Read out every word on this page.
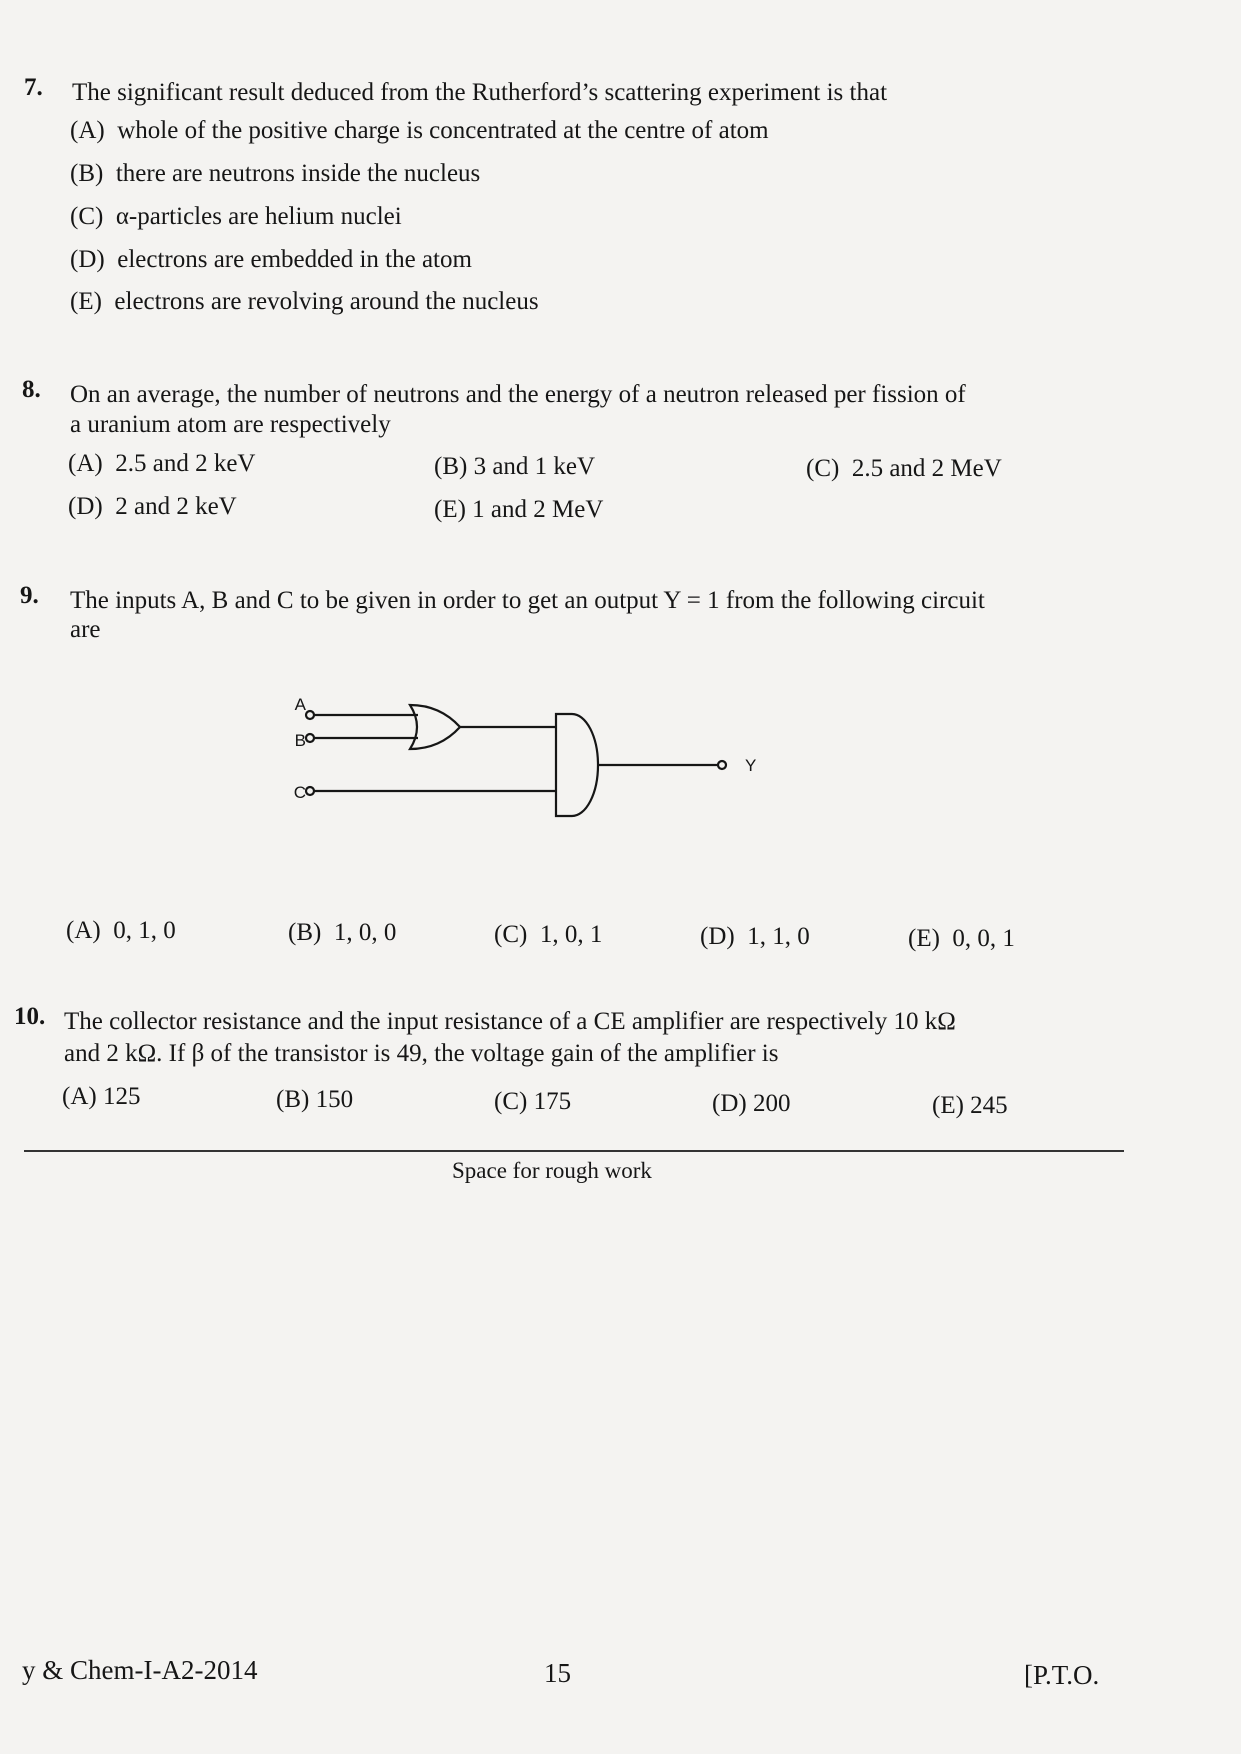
7. The significant result deduced from the Rutherford’s scattering experiment is that
(A) whole of the positive charge is concentrated at the centre of atom
(B) there are neutrons inside the nucleus
(C) α-particles are helium nuclei
(D) electrons are embedded in the atom
(E) electrons are revolving around the nucleus
8. On an average, the number of neutrons and the energy of a neutron released per fission of
a uranium atom are respectively
(A) 2.5 and 2 keV	(B) 3 and 1 keV	(C) 2.5 and 2 MeV
(D) 2 and 2 keV	(E) 1 and 2 MeV
9. The inputs A, B and C to be given in order to get an output Y = 1 from the following circuit
are
A
B
C
Y
(A) 0, 1, 0	(B) 1, 0, 0	(C) 1, 0, 1	(D) 1, 1, 0	(E) 0, 0, 1
10. The collector resistance and the input resistance of a CE amplifier are respectively 10 kΩ
and 2 kΩ. If β of the transistor is 49, the voltage gain of the amplifier is
(A) 125	(B) 150	(C) 175	(D) 200	(E) 245
Space for rough work
y & Chem-I-A2-2014	15	[P.T.O.
